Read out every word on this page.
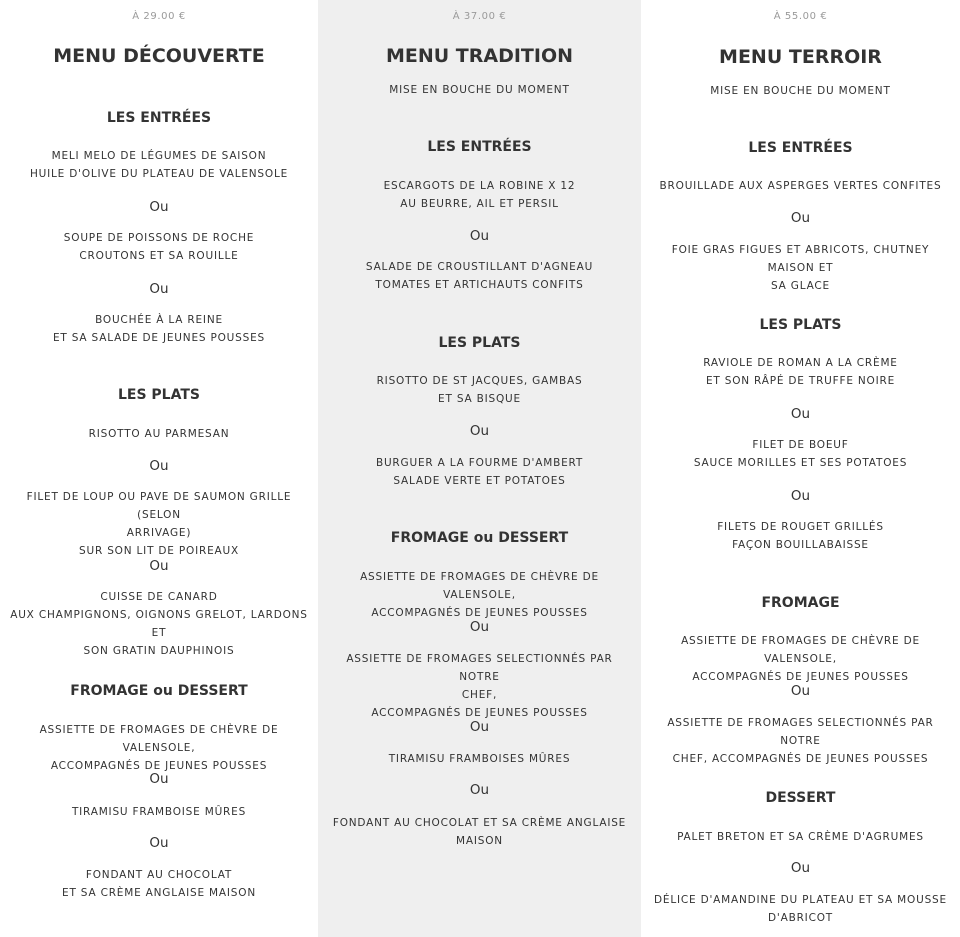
À 29.00 €
MENU DÉCOUVERTE
LES ENTRÉES
MELI MELO DE LÉGUMES DE SAISON
HUILE D'OLIVE DU PLATEAU DE VALENSOLE
Ou
SOUPE DE POISSONS DE ROCHE
CROUTONS ET SA ROUILLE
Ou
BOUCHÉE À LA REINE
ET SA SALADE DE JEUNES POUSSES
LES PLATS
RISOTTO AU PARMESAN
Ou
FILET DE LOUP OU PAVE DE SAUMON GRILLE (SELON
ARRIVAGE)
SUR SON LIT DE POIREAUX
Ou
CUISSE DE CANARD
AUX CHAMPIGNONS, OIGNONS GRELOT, LARDONS ET
SON GRATIN DAUPHINOIS
FROMAGE ou DESSERT
ASSIETTE DE FROMAGES DE CHÈVRE DE VALENSOLE,
ACCOMPAGNÉS DE JEUNES POUSSES
Ou
TIRAMISU FRAMBOISE MÛRES
Ou
FONDANT AU CHOCOLAT
ET SA CRÈME ANGLAISE MAISON
À 37.00 €
MENU TRADITION
MISE EN BOUCHE DU MOMENT
LES ENTRÉES
ESCARGOTS DE LA ROBINE X 12
AU BEURRE, AIL ET PERSIL
Ou
SALADE DE CROUSTILLANT D'AGNEAU
TOMATES ET ARTICHAUTS CONFITS
LES PLATS
RISOTTO DE ST JACQUES, GAMBAS
ET SA BISQUE
Ou
BURGUER A LA FOURME D'AMBERT
SALADE VERTE ET POTATOES
FROMAGE ou DESSERT
ASSIETTE DE FROMAGES DE CHÈVRE DE VALENSOLE,
ACCOMPAGNÉS DE JEUNES POUSSES
Ou
ASSIETTE DE FROMAGES SELECTIONNÉS PAR NOTRE
CHEF,
ACCOMPAGNÉS DE JEUNES POUSSES
Ou
TIRAMISU FRAMBOISES MÛRES
Ou
FONDANT AU CHOCOLAT ET SA CRÈME ANGLAISE
MAISON
À 55.00 €
MENU TERROIR
MISE EN BOUCHE DU MOMENT
LES ENTRÉES
BROUILLADE AUX ASPERGES VERTES CONFITES
Ou
FOIE GRAS FIGUES ET ABRICOTS, CHUTNEY MAISON ET
SA GLACE
LES PLATS
RAVIOLE DE ROMAN A LA CRÈME
ET SON RÂPÉ DE TRUFFE NOIRE
Ou
FILET DE BOEUF
SAUCE MORILLES ET SES POTATOES
Ou
FILETS DE ROUGET GRILLÉS
FAÇON BOUILLABAISSE
FROMAGE
ASSIETTE DE FROMAGES DE CHÈVRE DE VALENSOLE,
ACCOMPAGNÉS DE JEUNES POUSSES
Ou
ASSIETTE DE FROMAGES SELECTIONNÉS PAR NOTRE
CHEF, ACCOMPAGNÉS DE JEUNES POUSSES
DESSERT
PALET BRETON ET SA CRÈME D'AGRUMES
Ou
DÉLICE D'AMANDINE DU PLATEAU ET SA MOUSSE
D'ABRICOT
